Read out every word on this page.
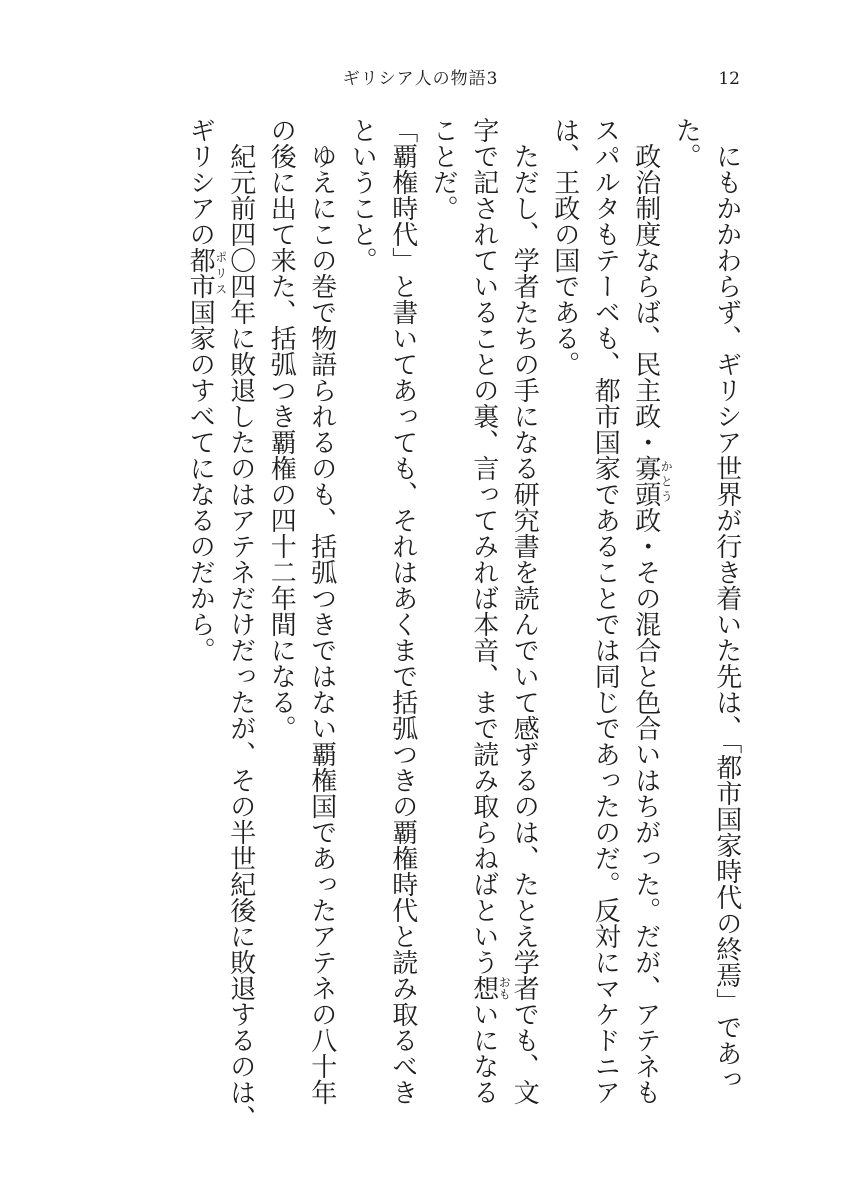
ギリシア人の物語3	12
にもかかわらず、ギリシア世界が行き着いた先は、「都市国家時代の終焉」であっ
た。
政治制度ならば、民主政・寡頭
かとう
政・その混合と色合いはちがった。だが、アテネも
スパルタもテーベも、都市国家であることでは同じであったのだ。反対にマケドニア
は、王政の国である。
ただし、学者たちの手になる研究書を読んでいて感ずるのは、たとえ学者でも、文
字で記されていることの裏、言ってみれば本音、まで読み取らねばという想
おも
いになる
ことだ。
「覇権時代」と書いてあっても、それはあくまで括弧つきの覇権時代と読み取るべき
ということ。
ゆえにこの巻で物語られるのも、括弧つきではない覇権国であったアテネの八十年
の後に出て来た、括弧つき覇権の四十二年間になる。
紀元前四〇四年に敗退したのはアテネだけだったが、その半世紀後に敗退するのは、
ギリシアの都市
ポリス
国家のすべてになるのだから。
